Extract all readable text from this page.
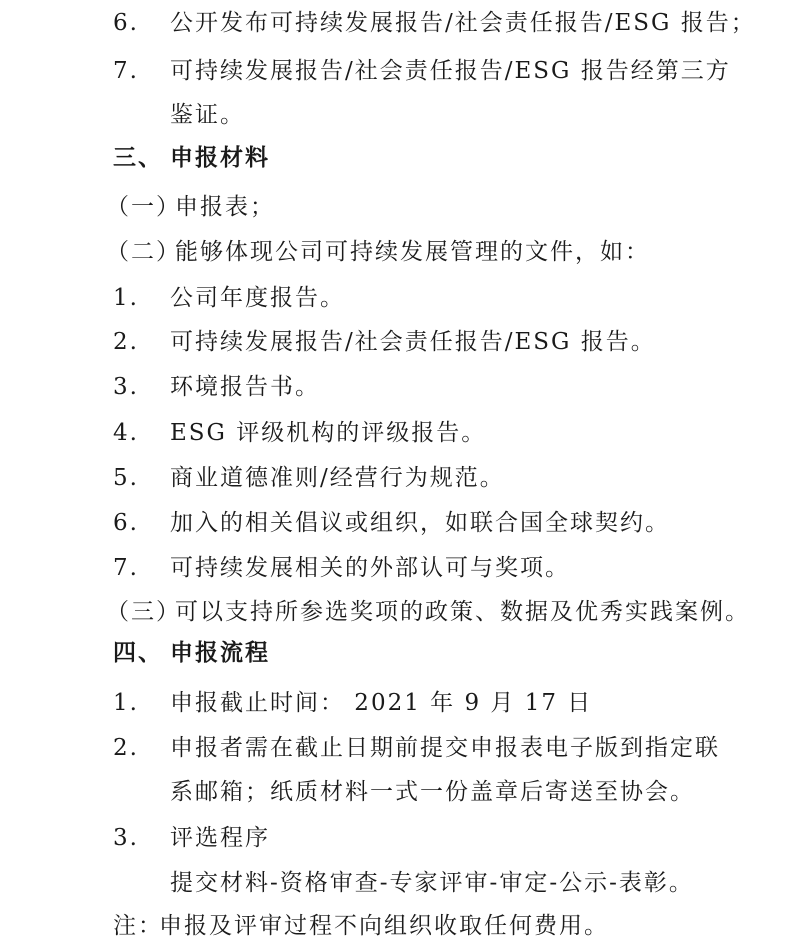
6. 公开发布可持续发展报告/社会责任报告/ESG 报告；
7. 可持续发展报告/社会责任报告/ESG 报告经第三方
鉴证。
三、 申报材料
（一）
申报表；
（二）
能够体现公司可持续发展管理的文件，如：
1. 公司年度报告。
2. 可持续发展报告/社会责任报告/ESG 报告。
3. 环境报告书。
4. ESG 评级机构的评级报告。
5. 商业道德准则/经营行为规范。
6. 加入的相关倡议或组织，如联合国全球契约。
7. 可持续发展相关的外部认可与奖项。
（三）
可以支持所参选奖项的政策、数据及优秀实践案例。
四、 申报流程
1. 申报截止时间： 2021 年 9 月 17 日
2. 申报者需在截止日期前提交申报表电子版到指定联
系邮箱；纸质材料一式一份盖章后寄送至协会。
3. 评选程序
提交材料-资格审查-专家评审-审定-公示-表彰。
注：
申报及评审过程不向组织收取任何费用。
